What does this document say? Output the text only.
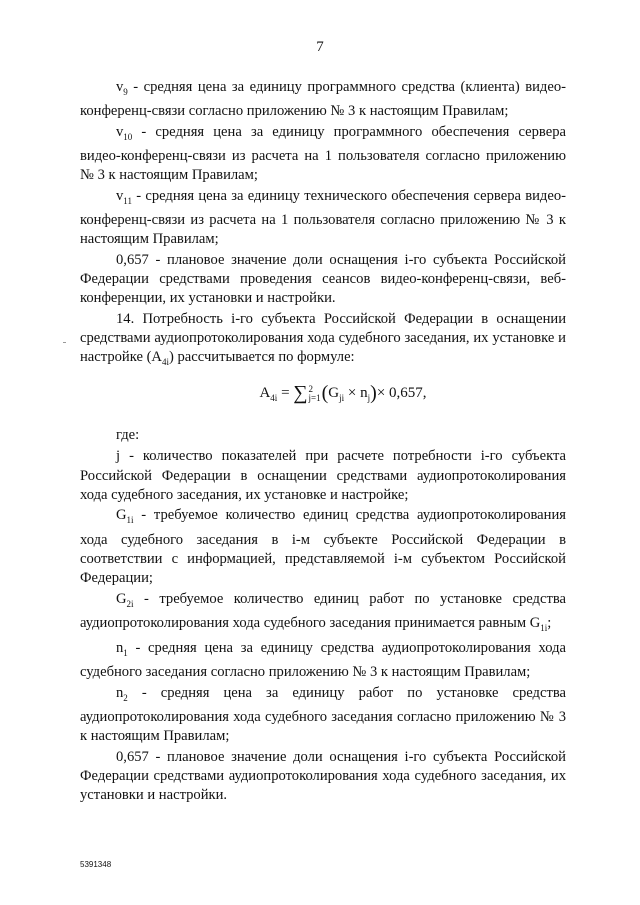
7

$v_9$ - средняя цена за единицу программного средства (клиента) видео-конференц-связи согласно приложению № 3 к настоящим Правилам;

$v_{10}$ - средняя цена за единицу программного обеспечения сервера видео-конференц-связи из расчета на 1 пользователя согласно приложению № 3 к настоящим Правилам;

$v_{11}$ - средняя цена за единицу технического обеспечения сервера видео-конференц-связи из расчета на 1 пользователя согласно приложению № 3 к настоящим Правилам;

0,657 - плановое значение доли оснащения i-го субъекта Российской Федерации средствами проведения сеансов видео-конференц-связи, веб-конференции, их установки и настройки.

14. Потребность i-го субъекта Российской Федерации в оснащении средствами аудиопротоколирования хода судебного заседания, их установке и настройке $(A_{4i})$ рассчитывается по формуле:

$A_{4i} = \sum 2$
$j=1(G_{ji} \times n_j)\times 0,657$,

где:

j - количество показателей при расчете потребности i-го субъекта Российской Федерации в оснащении средствами аудиопротоколирования хода судебного заседания, их установке и настройке;

$G_{1i}$ - требуемое количество единиц средства аудиопротоколирования хода судебного заседания в i-м субъекте Российской Федерации в соответствии с информацией, представляемой i-м субъектом Российской Федерации;

$G_{2i}$ - требуемое количество единиц работ по установке средства аудиопротоколирования хода судебного заседания принимается равным $G_{1i}$;

$n_1$ - средняя цена за единицу средства аудиопротоколирования хода судебного заседания согласно приложению № 3 к настоящим Правилам;

$n_2$ - средняя цена за единицу работ по установке средства аудиопротоколирования хода судебного заседания согласно приложению № 3 к настоящим Правилам;

0,657 - плановое значение доли оснащения i-го субъекта Российской Федерации средствами аудиопротоколирования хода судебного заседания, их установки и настройки.

5391348
